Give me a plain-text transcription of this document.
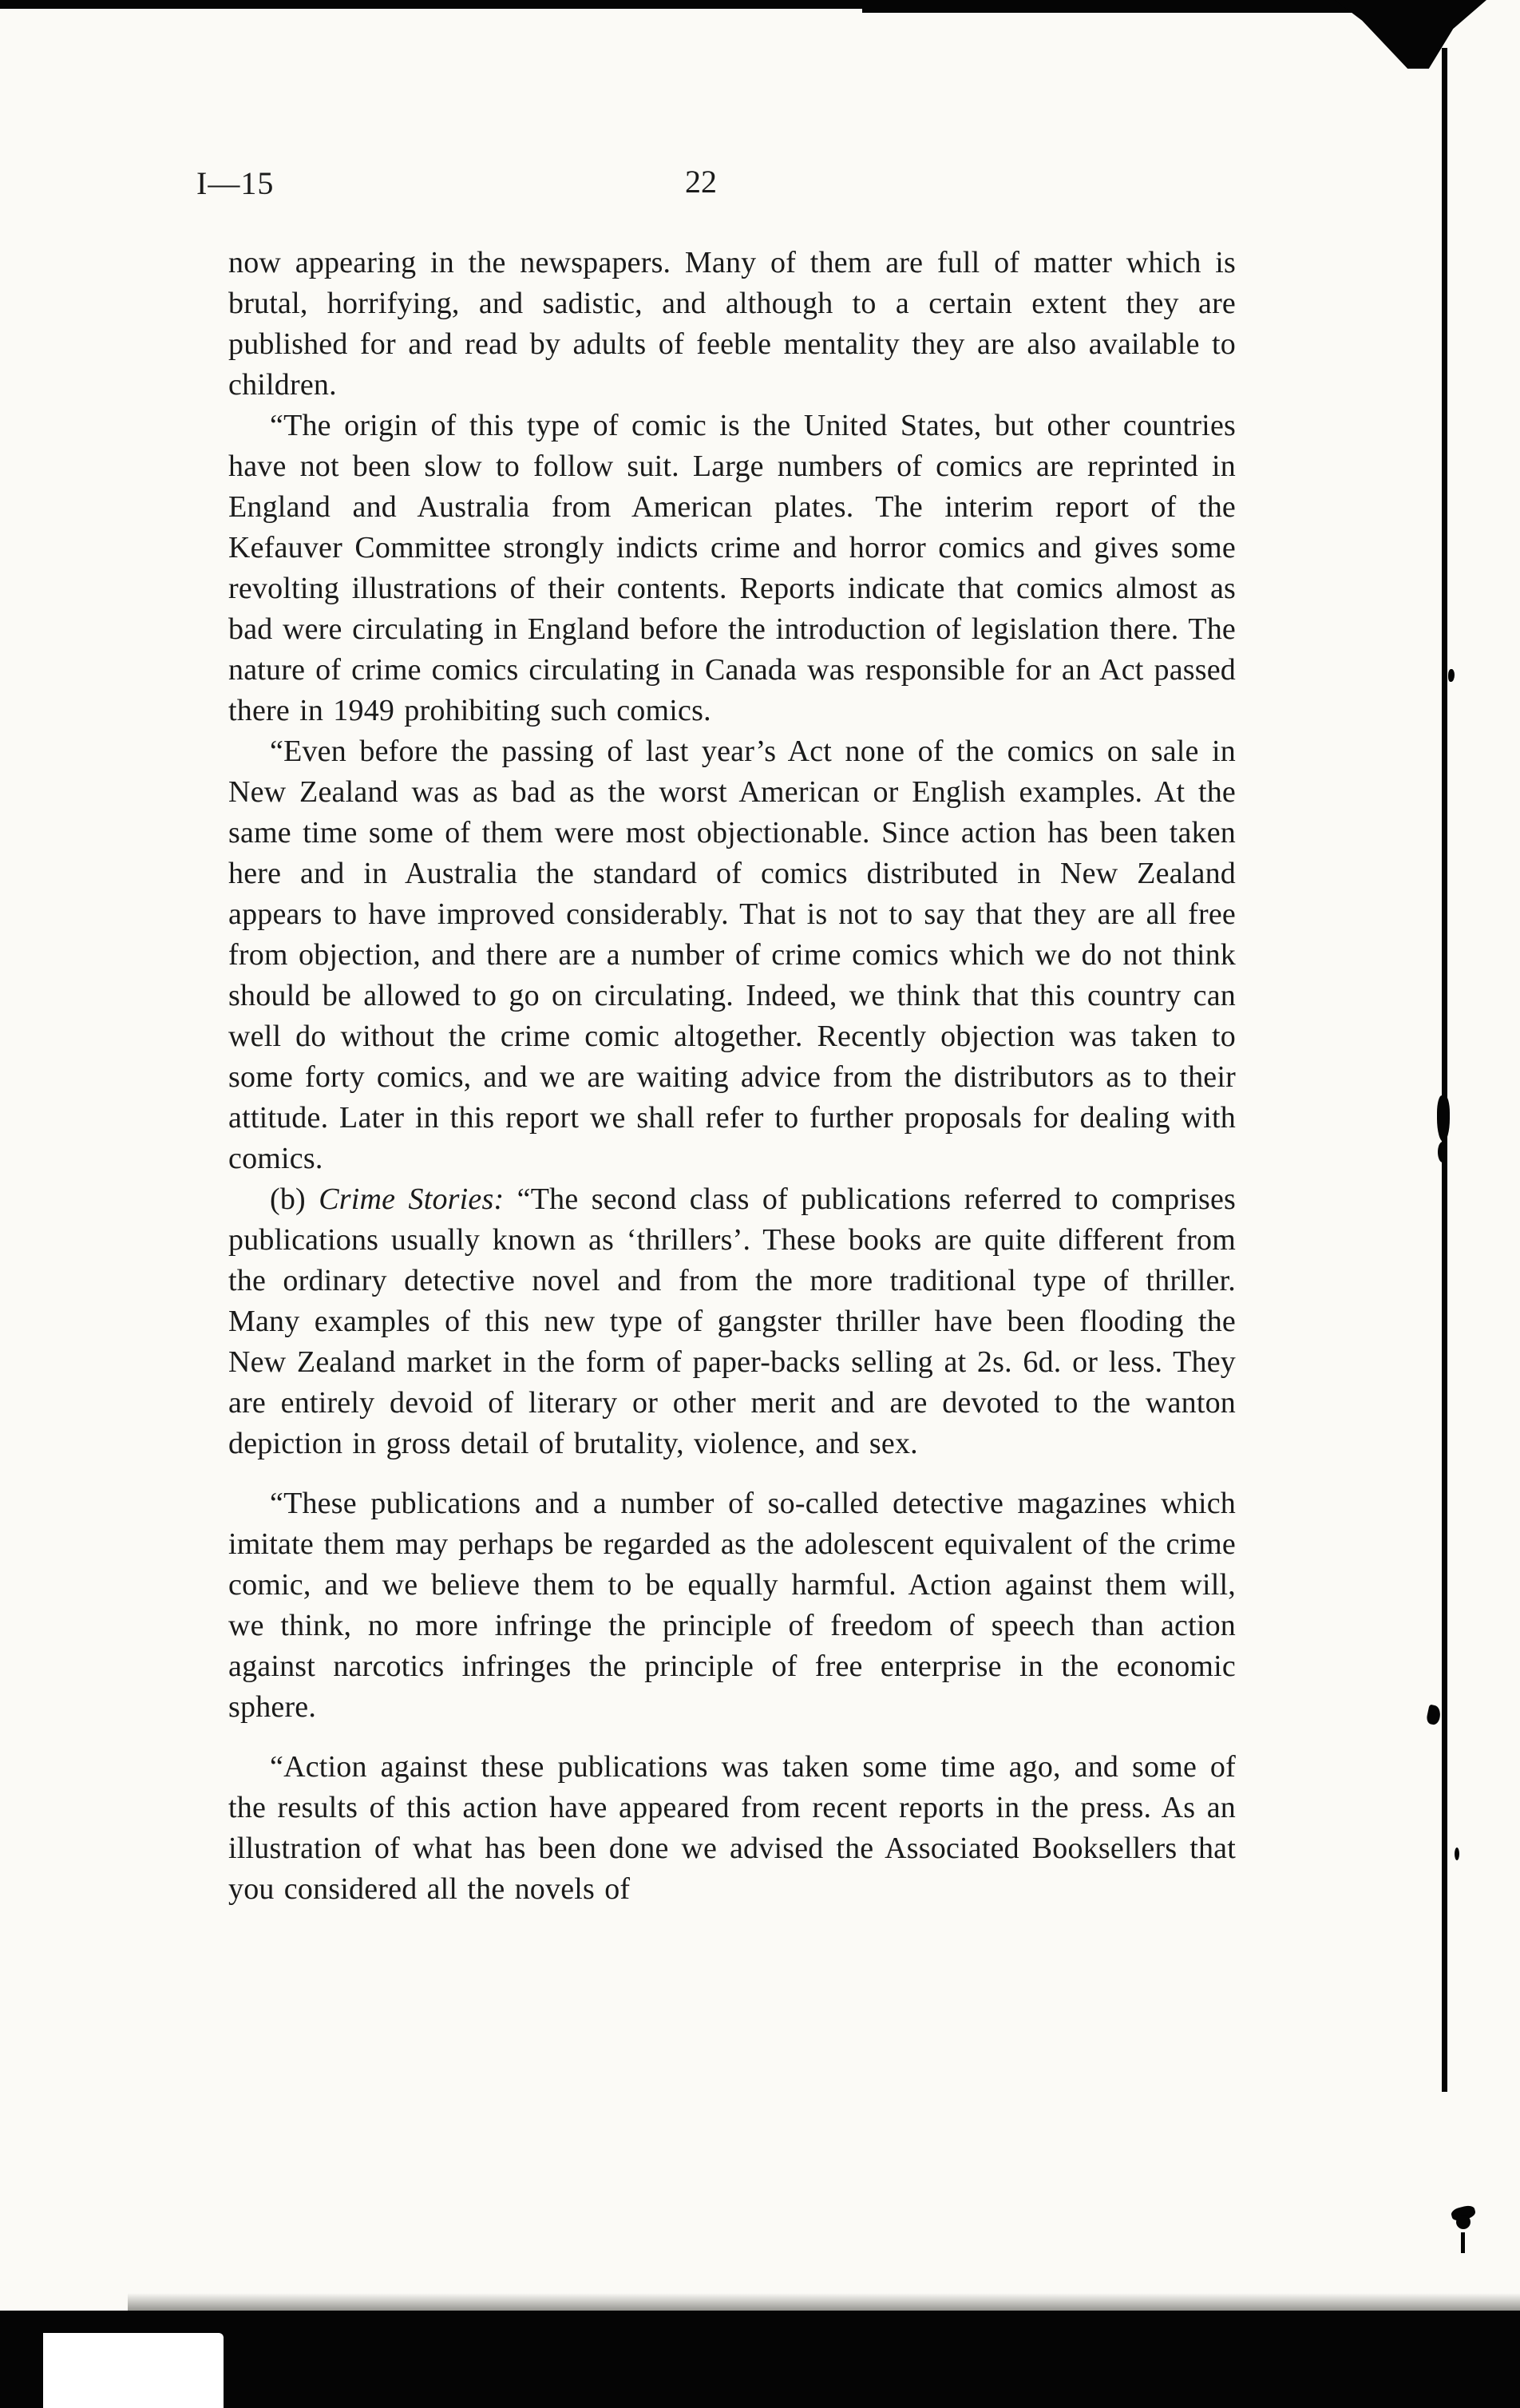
I—15	22

now appearing in the newspapers. Many of them are full of matter which is brutal, horrifying, and sadistic, and although to a certain extent they are published for and read by adults of feeble mentality they are also available to children.

“The origin of this type of comic is the United States, but other countries have not been slow to follow suit. Large numbers of comics are reprinted in England and Australia from American plates. The interim report of the Kefauver Committee strongly indicts crime and horror comics and gives some revolting illustrations of their contents. Reports indicate that comics almost as bad were circulating in England before the introduction of legislation there. The nature of crime comics circulating in Canada was responsible for an Act passed there in 1949 prohibiting such comics.

“Even before the passing of last year’s Act none of the comics on sale in New Zealand was as bad as the worst American or English examples. At the same time some of them were most objectionable. Since action has been taken here and in Australia the standard of comics distributed in New Zealand appears to have improved considerably. That is not to say that they are all free from objection, and there are a number of crime comics which we do not think should be allowed to go on circulating. Indeed, we think that this country can well do without the crime comic altogether. Recently objection was taken to some forty comics, and we are waiting advice from the distributors as to their attitude. Later in this report we shall refer to further proposals for dealing with comics.

(b) Crime Stories: “The second class of publications referred to comprises publications usually known as ‘thrillers’. These books are quite different from the ordinary detective novel and from the more traditional type of thriller. Many examples of this new type of gangster thriller have been flooding the New Zealand market in the form of paper-backs selling at 2s. 6d. or less. They are entirely devoid of literary or other merit and are devoted to the wanton depiction in gross detail of brutality, violence, and sex.

“These publications and a number of so-called detective magazines which imitate them may perhaps be regarded as the adolescent equivalent of the crime comic, and we believe them to be equally harmful. Action against them will, we think, no more infringe the principle of freedom of speech than action against narcotics infringes the principle of free enterprise in the economic sphere.

“Action against these publications was taken some time ago, and some of the results of this action have appeared from recent reports in the press. As an illustration of what has been done we advised the Associated Booksellers that you considered all the novels of
